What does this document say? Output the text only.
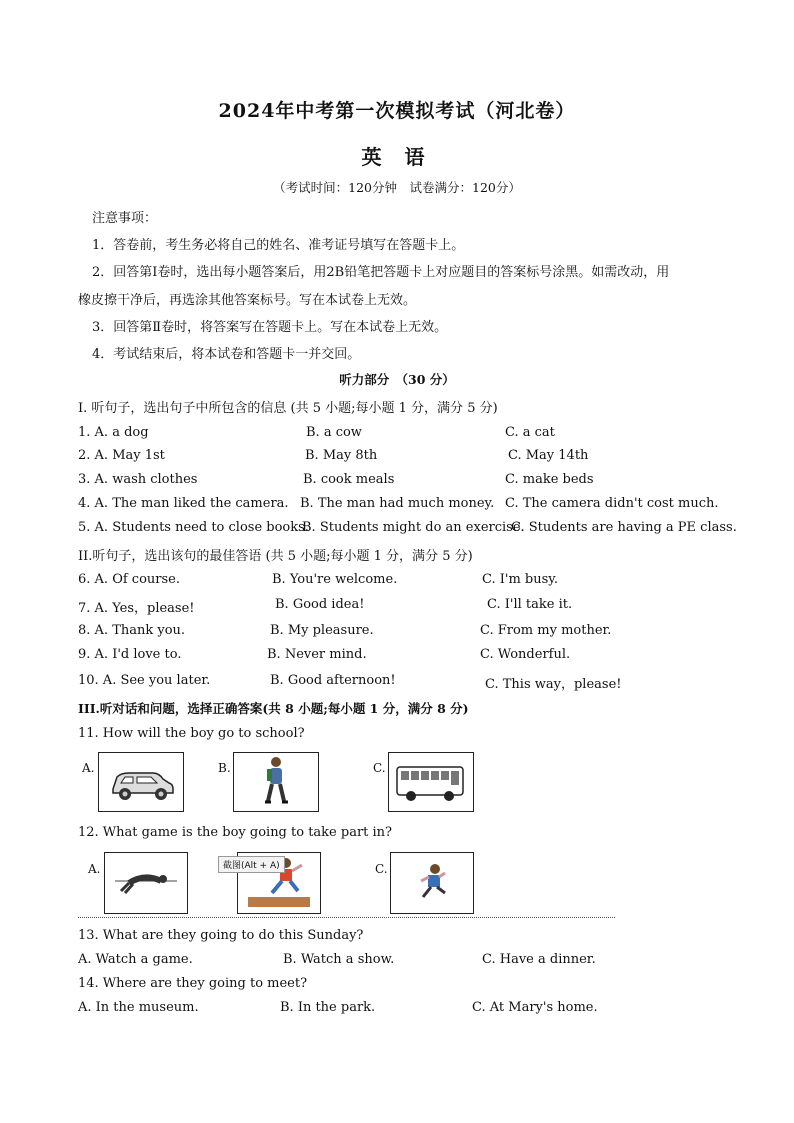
2024年中考第一次模拟考试（河北卷）
英 语
（考试时间：120分钟　试卷满分：120分）
注意事项：
1．答卷前，考生务必将自己的姓名、准考证号填写在答题卡上。
2．回答第Ⅰ卷时，选出每小题答案后，用2B铅笔把答题卡上对应题目的答案标号涂黑。如需改动，用
橡皮擦干净后，再选涂其他答案标号。写在本试卷上无效。
3．回答第Ⅱ卷时，将答案写在答题卡上。写在本试卷上无效。
4．考试结束后，将本试卷和答题卡一并交回。
听力部分　（30 分）
I. 听句子，选出句子中所包含的信息 (共 5 小题;每小题 1 分，满分 5 分)
1. A. a dog	B. a cow	C. a cat
2. A. May 1st	B. May 8th	C. May 14th
3. A. wash clothes	B. cook meals	C. make beds
4. A. The man liked the camera. B. The man had much money. C. The camera didn't cost much.
5. A. Students need to close books.
B. Students might do an exercise.
C. Students are having a PE class.
II.听句子，选出该句的最佳答语 (共 5 小题;每小题 1 分，满分 5 分)
6. A. Of course.	B. You're welcome.	C. I'm busy.
7. A. Yes，please!	B. Good idea!	C. I'll take it.
8. A. Thank you.	B. My pleasure.	C. From my mother.
9. A. I'd love to.	B. Never mind.	C. Wonderful.
10. A. See you later.	B. Good afternoon!	C. This way，please!
III.听对话和问题，选择正确答案(共 8 小题;每小题 1 分，满分 8 分)
11. How will the boy go to school?
A.	B.	C.
12. What game is the boy going to take part in?
A.	截图(Alt + A)	C.
13. What are they going to do this Sunday?
A. Watch a game.	B. Watch a show.	C. Have a dinner.
14. Where are they going to meet?
A. In the museum.	B. In the park.	C. At Mary's home.
